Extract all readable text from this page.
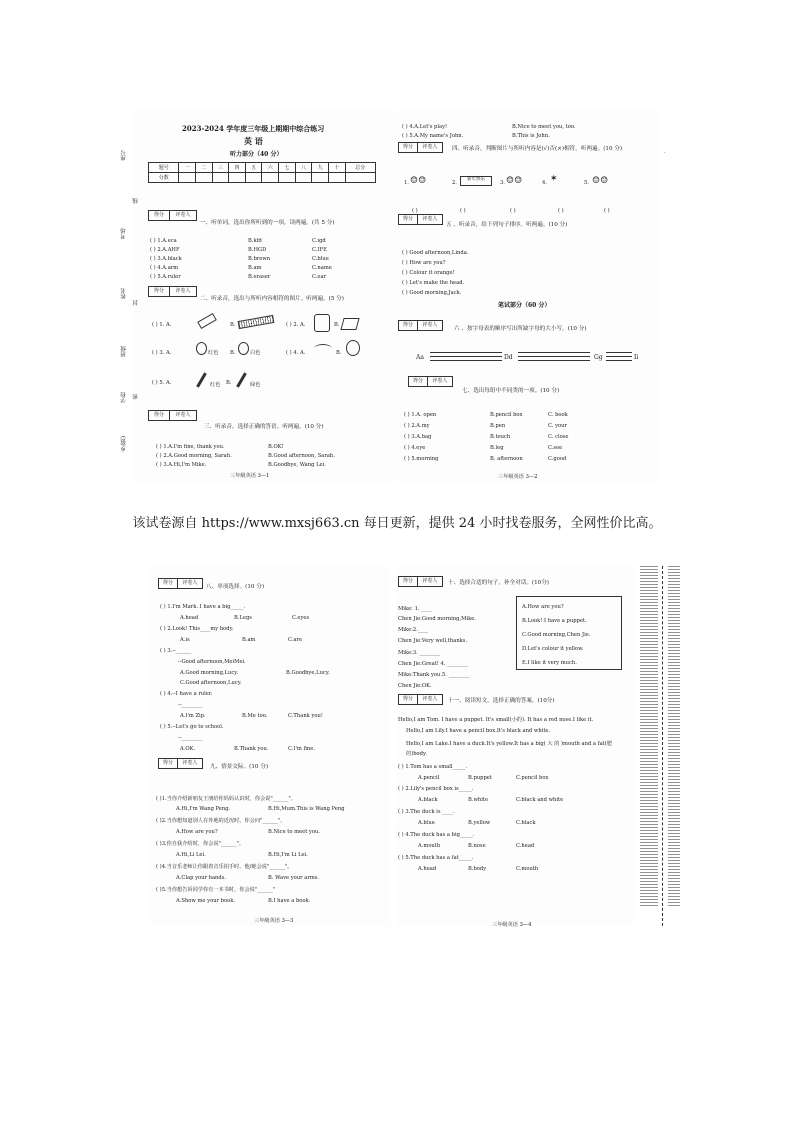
2023-2024 学年度三年级上期期中综合练习
英 语
听力部分（40 分）
题号	一	二	三	四	五	六	七	八	九	十	总分
分数											
座号
考场
姓名
班级
学校
乡(镇)
线
封
密
得分	评卷人
一、听单词，选出你所听到的一项。读两遍。(共 5 分)
( ) 1.A.eca	B.kfd	C.igd
( ) 2.A.AHF	B.HGD	C.IFE
( ) 3.A.black	B.brown	C.blue
( ) 4.A.arm	B.am	C.name
( ) 5.A.ruler	B.eraser	C.ear
得分	评卷人
二、听录音，选出与所听内容相符的图片。听两遍。(5 分)
( ) 1. A.	B.	( ) 2. A.	B.
( ) 3. A.	红色 B.	白色	( ) 4. A.	B.
( ) 5. A.	红色 B.	绿色
得分	评卷人
三、听录音，选择正确的答语。听两遍。(10 分)
( ) 1.A.I'm fine, thank you.	B.OK!
( ) 2.A.Good morning, Sarah.	B.Good afternoon, Sarah.
( ) 3.A.Hi,I'm Mike.	B.Goodbye, Wang Lei.
三年级英语 3—1
( ) 4.A.Let's play!	B.Nice to meet you, too.
( ) 5.A.My name's John.	B.This is John.
得分	评卷人	四、听录音，判断图片与所听内容是(√)否(×)相符。听两遍。(10 分)
1. ☺☺	2.
新年快乐
3. ☺☺	4. ✶	5. ☺☺
( )	( )	( )	( )	( )
得分	评卷人
五 、听录音，给下列句子排序。听两遍。(10 分)
( ) Good afternoon,Linda.
( ) How are you?
( ) Colour it orange!
( ) Let's make the head.
( ) Good morning,Jack.
笔试部分（60 分）
得分	评卷人
六 、按字母表的顺序写出所缺字母的大小写。(10 分)
Aa	Dd	Gg	Ii
得分	评卷人
七、选出每组中不同类的一项。(10 分)
( ) 1.A. open	B.pencil box	C. book
( ) 2.A.my	B.pen	C. your
( ) 3.A.bag	B.touch	C. close
( ) 4.eye	B.leg	C.see
( ) 5.morning	B. afternoon	C.good
三年级英语 3—2
·
该试卷源自 https://www.mxsj663.cn 每日更新，提供 24 小时找卷服务，全网性价比高。
得分	评卷人
八、单项选择。(10 分)
( ) 1.I'm Mark. I have a big_____.
A.head	B.Legs	C.eyes
( ) 2.Look! This____my body.
A.is	B.am	C.are
( ) 3.--______
--Good afternoon,MeiMei.
A.Good morning,Lucy.	B.Goodbye,Lucy.
C.Good afternoon,Lucy.
( ) 4.--I have a ruler.
--________
A.I'm Zip.	B.Me too.	C.Thank you!
( ) 5.--Let's go to school.
--________
A.OK.	B.Thank you.	C.I'm fine.
得分	评卷人
九、情景交际。(10 分)
( )1.当你介绍新朋友王朋给你妈妈认识时，你会说"______"。
A.Hi,I'm Wang Peng.	B.Hi,Mum.This is Wang Peng
( )2.当你想知道别人在外地的近况时，你会问"______"。
A.How are you?	B.Nice to meet you.
( )3.你自我介绍时，你会说"______"。
A.Hi,Li Lei.	B.Hi,I'm Li Lei.
( )4.当音乐老师让你跟着音乐拍手时，他/她会说"______"。
A.Clap your hands.	B. Wave your arms.
( )5.当你想告诉同学你有一本书时，你会说"______"
A.Show me your book.	B.I have a book.
三年级英语 3—3
得分	评卷人	十、选择合适的句子，补全对话。(10分)
Mike: 1. ____
Chen Jie:Good morning,Mike.
Mike:2.____
Chen Jie:Very well,thanks.
Mike:3. ________
Chen Jie:Great! 4. ________
Mike:Thank you.5. ________
Chen Jie:OK.
A.How are you?
B.Look! I have a puppet.
C.Good morning,Chen Jie.
D.Let's colour it yellow.
E.I like it very much.
得分	评卷人	十一、阅读短文，选择正确的答案。(10分)
Hello,I am Tom. I have a puppet. It's small(小的). It has a red nose.I like it.
Hello,I am Lily.I have a pencil box.It's black and white.
Hello,I am Lake.I have a duck.It's yellow.It has a big( 大 的 )mouth and a fat(肥的)body.
( ) 1.Tom has a small_____.
A.pencil	B.puppet	C.pencil box
( ) 2.Lily's pencil box is_____.
A.black	B.white	C.black and white
( ) 3.The duck is ____.
A.blue	B.yellow	C.black
( ) 4.The duck has a big_____.
A.mouth	B.nose	C.head
( ) 5.The duck has a fat_____.
A.head	B.body	C.mouth
三年级英语 3—4
